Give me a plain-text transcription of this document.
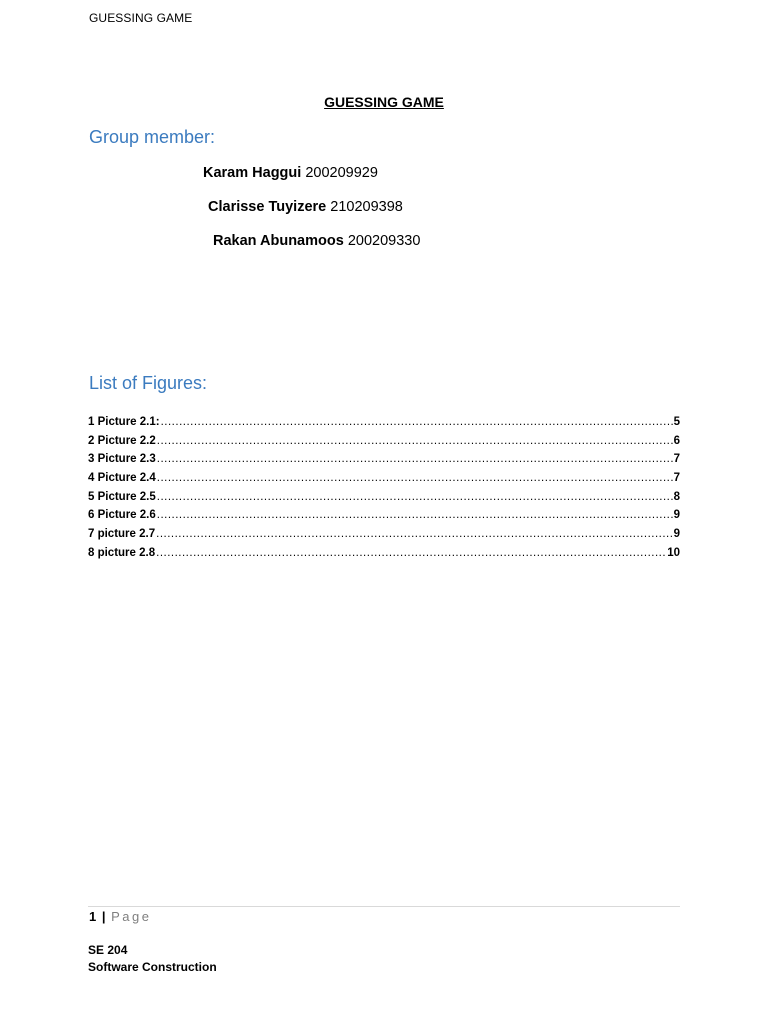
GUESSING GAME
GUESSING GAME
Group member:
Karam Haggui 200209929
Clarisse Tuyizere 210209398
Rakan Abunamoos 200209330
List of Figures:
1 Picture 2.1: .....	5
2 Picture 2.2 .....	6
3 Picture 2.3 .....	7
4 Picture 2.4 .....	7
5 Picture 2.5 .....	8
6 Picture 2.6 .....	9
7 picture 2.7 .....	9
8 picture 2.8 .....	10
1 | Page
SE 204
Software Construction
